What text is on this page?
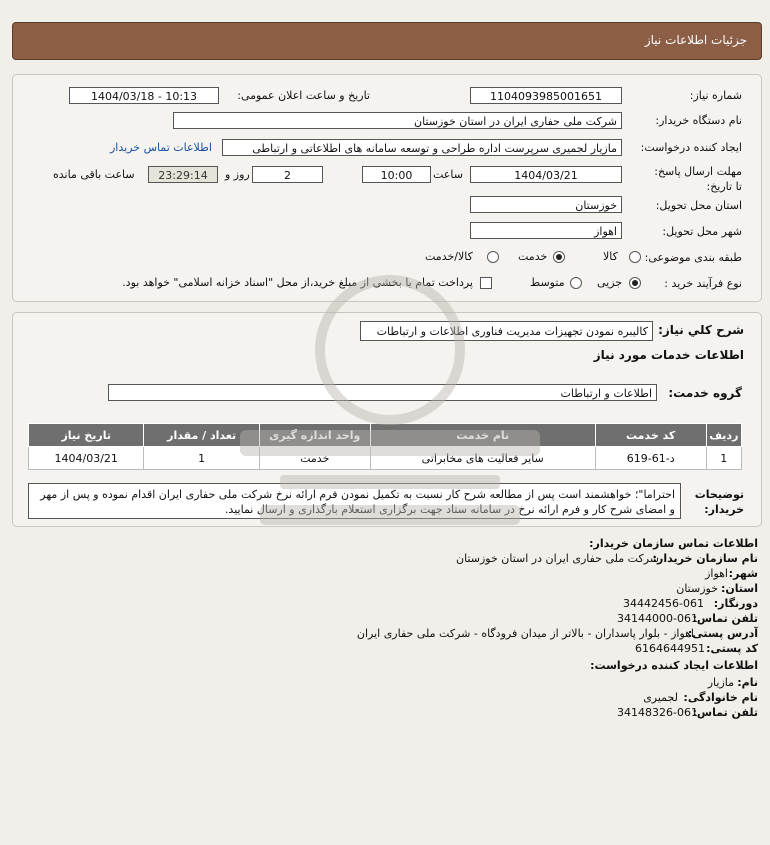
جزئیات اطلاعات نیاز
شماره نیاز:
1104093985001651
تاریخ و ساعت اعلان عمومی:
1404/03/18 - 10:13
نام دستگاه خریدار:
شرکت ملی حفاری ایران در استان خوزستان
ایجاد کننده درخواست:
مازیار لجمیری سرپرست اداره طراحی و توسعه سامانه های اطلاعاتی و ارتباطی
اطلاعات تماس خریدار
مهلت ارسال پاسخ: تا تاریخ:
1404/03/21
ساعت
10:00
2
روز و
23:29:14
ساعت باقی مانده
استان محل تحویل:
خوزستان
شهر محل تحویل:
اهواز
طبقه بندی موضوعی:
کالا
خدمت
کالا/خدمت
نوع فرآیند خرید :
جزیی
متوسط
پرداخت تمام یا بخشی از مبلغ خرید،از محل "اسناد خزانه اسلامی" خواهد بود.
شرح کلي نياز:
کالیبره نمودن تجهیزات مدیریت فناوری اطلاعات و ارتباطات
اطلاعات خدمات مورد نیاز
گروه خدمت:
اطلاعات و ارتباطات
ردیف	کد خدمت	نام خدمت	واحد اندازه گیری	تعداد / مقدار	تاریخ نیاز
1	د-61-619	سایر فعالیت های مخابراتی	خدمت	1	1404/03/21
توضیحات خریدار:
احتراما"؛ خواهشمند است پس از مطالعه شرح کار نسبت به تکمیل نمودن فرم ارائه نرخ شرکت ملی حفاری ایران اقدام نموده و پس از مهر و امضای شرح کار و فرم ارائه نرخ در سامانه ستاد جهت برگزاری استعلام بارگذاری و ارسال نمایید.
اطلاعات تماس سازمان خریدار:
نام سازمان خریدار:
شرکت ملی حفاری ایران در استان خوزستان
شهر:
اهواز
استان:
خوزستان
دورنگار:
34442456-061
تلفن تماس:
34144000-061
آدرس پستی:
اهواز - بلوار پاسداران - بالاتر از میدان فرودگاه - شرکت ملی حفاری ایران
کد پستی:
6164644951
اطلاعات ایجاد کننده درخواست:
نام:
مازیار
نام خانوادگی:
لجمیری
تلفن تماس:
34148326-061
